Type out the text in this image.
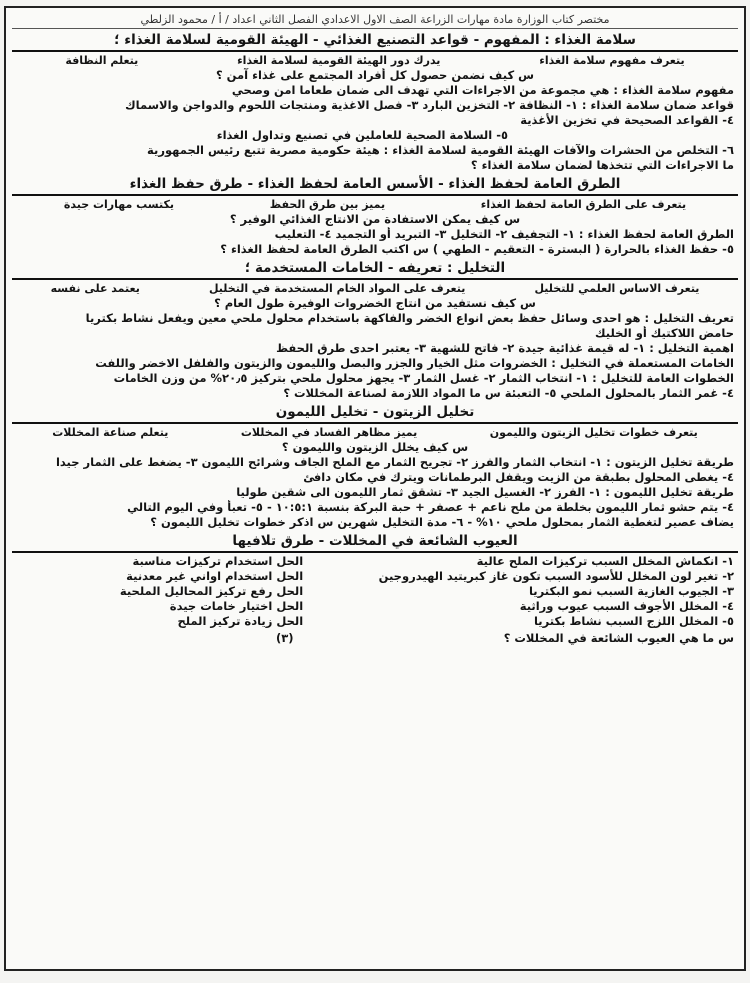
مختصر كتاب الوزارة مادة مهارات الزراعة الصف الاول الاعدادي الفصل الثاني اعداد / أ / محمود الزلطي
سلامة الغذاء : المفهوم - قواعد التصنيع الغذائي - الهيئة القومية لسلامة الغذاء ؛
يتعرف مفهوم سلامة الغذاء
يدرك دور الهيئة القومية لسلامة الغذاء
يتعلم النظافة
س كيف نضمن حصول كل أفراد المجتمع على غذاء آمن ؟
مفهوم سلامة الغذاء : هي مجموعة من الاجراءات التي تهدف الى ضمان طعاما امن وصحي
قواعد ضمان سلامة الغذاء : ١- النظافة ٢- التخزين البارد ٣- فصل الاغذية ومنتجات اللحوم والدواجن والاسماك
٤- القواعد الصحيحة في تخزين الأغذية
٥- السلامة الصحية للعاملين في تصنيع وتداول الغذاء
٦- التخلص من الحشرات والآفات الهيئة القومية لسلامة الغذاء : هيئة حكومية مصرية تتبع رئيس الجمهورية
ما الاجراءات التي تتخذها لضمان سلامة الغذاء ؟
الطرق العامة لحفظ الغذاء - الأسس العامة لحفظ الغذاء - طرق حفظ الغذاء
يتعرف على الطرق العامة لحفظ الغذاء
يميز بين طرق الحفظ
يكتسب مهارات جيدة
س كيف يمكن الاستفادة من الانتاج الغذائي الوفير ؟
الطرق العامة لحفظ الغذاء : ١- التجفيف ٢- التخليل ٣- التبريد أو التجميد ٤- التعليب
٥- حفظ الغذاء بالحرارة ( البسترة - التعقيم - الطهي ) س اكتب الطرق العامة لحفظ الغذاء ؟
التخليل : تعريفه - الخامات المستخدمة ؛
يتعرف الاساس العلمي للتخليل
يتعرف على المواد الخام المستخدمة في التخليل
يعتمد على نفسه
س كيف نستفيد من انتاج الخضروات الوفيرة طول العام ؟
تعريف التخليل : هو احدى وسائل حفظ بعض انواع الخضر والفاكهة باستخدام محلول ملحي معين ويفعل نشاط بكتريا
حامض اللاكتيك أو الخليك
اهمية التخليل : ١- له قيمة غذائية جيدة ٢- فاتح للشهية ٣- يعتبر احدى طرق الحفظ
الخامات المستعملة في التخليل : الخضروات مثل الخيار والجزر والبصل والليمون والزيتون والفلفل الاخضر واللفت
الخطوات العامة للتخليل : ١- انتخاب الثمار ٢- غسل الثمار ٣- يجهز محلول ملحي بتركيز ٢٠٫٥% من وزن الخامات
٤- غمر الثمار بالمحلول الملحي ٥- التعبئة س ما المواد اللازمة لصناعة المخللات ؟
تخليل الزيتون - تخليل الليمون
يتعرف خطوات تخليل الزيتون والليمون
يميز مظاهر الفساد في المخللات
يتعلم صناعة المخللات
س كيف يخلل الزيتون والليمون ؟
طريقة تخليل الزيتون : ١- انتخاب الثمار والفرز ٢- تجريح الثمار مع الملح الجاف وشرائح الليمون ٣- يضغط على الثمار جيدا
٤- يغطى المحلول بطبقة من الزيت ويقفل البرطمانات ويترك في مكان دافئ
طريقة تخليل الليمون : ١- الفرز ٢- الغسيل الجيد ٣- تشقق ثمار الليمون الى شقين طوليا
٤- يتم حشو ثمار الليمون بخلطة من ملح ناعم + عصفر + حبة البركة بنسبة ١٠:٥:١ - ٥- تعبأ وفي اليوم التالي
يضاف عصير لتغطية الثمار بمحلول ملحي ١٠% - ٦- مدة التخليل شهرين س اذكر خطوات تخليل الليمون ؟
العيوب الشائعة في المخللات - طرق تلافيها
١- انكماش المخلل السبب تركيزات الملح عالية
الحل استخدام تركيزات مناسبة
٢- تغير لون المخلل للأسود السبب تكون غاز كبريتيد الهيدروجين
الحل استخدام اواني غير معدنية
٣- الجيوب الغازية السبب نمو البكتريا
الحل رفع تركيز المحاليل الملحية
٤- المخلل الأجوف السبب عيوب وراثية
الحل اختيار خامات جيدة
٥- المخلل اللزج السبب نشاط بكتريا
الحل زيادة تركيز الملح
س ما هي العيوب الشائعة في المخللات ؟
(٣)
